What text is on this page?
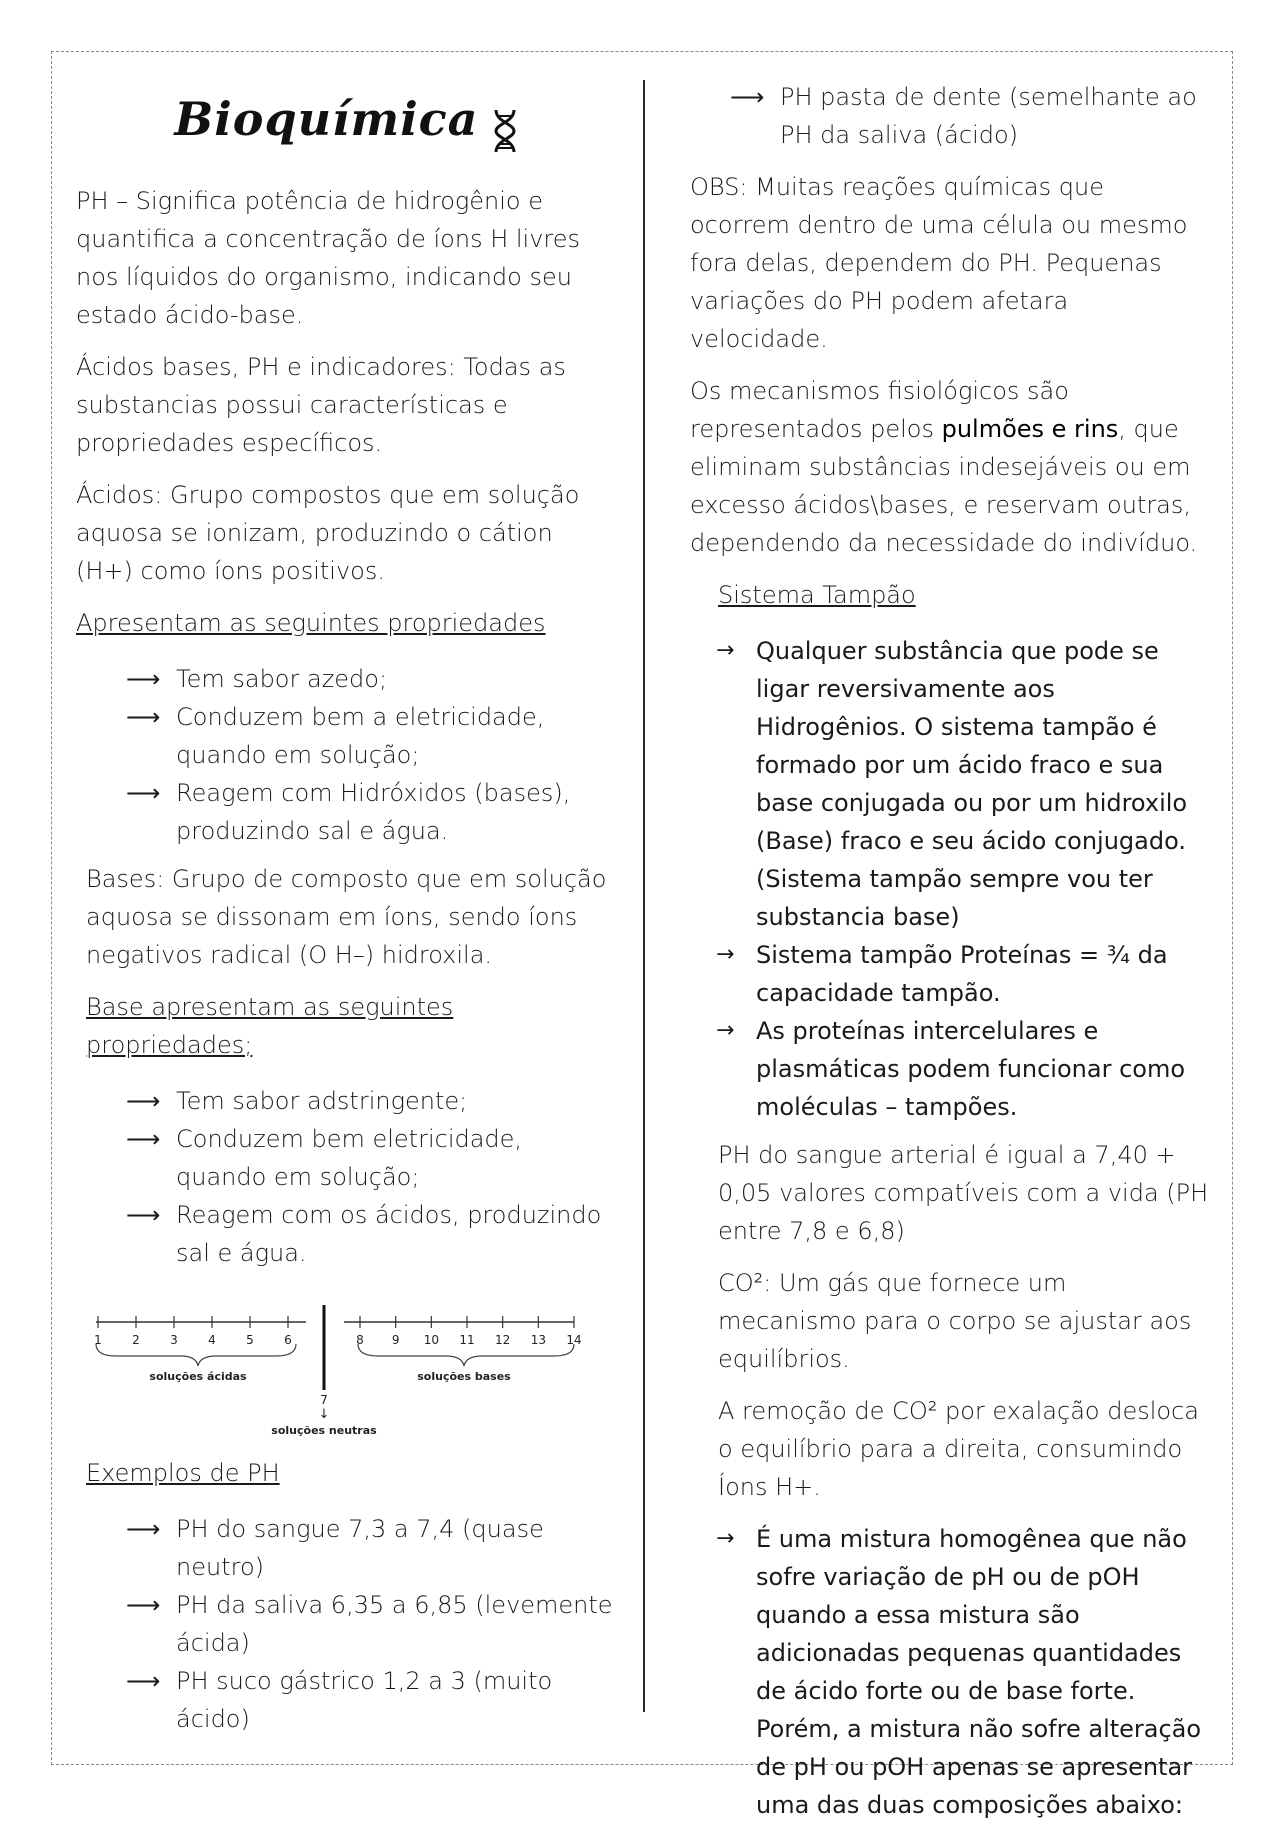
Bioquímica

PH – Significa potência de hidrogênio e quantifica a concentração de íons H livres nos líquidos do organismo, indicando seu estado ácido-base.

Ácidos bases, PH e indicadores: Todas as substancias possui características e propriedades específicos.

Ácidos: Grupo compostos que em solução aquosa se ionizam, produzindo o cátion (H+) como íons positivos.

Apresentam as seguintes propriedades
⟶ Tem sabor azedo;
⟶ Conduzem bem a eletricidade, quando em solução;
⟶ Reagem com Hidróxidos (bases), produzindo sal e água.

Bases: Grupo de composto que em solução aquosa se dissonam em íons, sendo íons negativos radical (O H–) hidroxila.

Base apresentam as seguintes propriedades;
⟶ Tem sabor adstringente;
⟶ Conduzem bem eletricidade, quando em solução;
⟶ Reagem com os ácidos, produzindo sal e água.
1	2	3	4	5	6	8 9 10 11 12 13 14
soluções ácidas	soluções bases
7
↓
soluções neutras
Exemplos de PH
⟶ PH do sangue 7,3 a 7,4 (quase neutro)
⟶ PH da saliva 6,35 a 6,85 (levemente ácida)
⟶ PH suco gástrico 1,2 a 3 (muito ácido)
⟶ PH pasta de dente (semelhante ao PH da saliva (ácido)

OBS: Muitas reações químicas que ocorrem dentro de uma célula ou mesmo fora delas, dependem do PH. Pequenas variações do PH podem afetara velocidade.

Os mecanismos fisiológicos são representados pelos pulmões e rins, que eliminam substâncias indesejáveis ou em excesso ácidos\bases, e reservam outras, dependendo da necessidade do indivíduo.

Sistema Tampão
→ Qualquer substância que pode se ligar reversivamente aos Hidrogênios. O sistema tampão é formado por um ácido fraco e sua base conjugada ou por um hidroxilo (Base) fraco e seu ácido conjugado. (Sistema tampão sempre vou ter substancia base)
→ Sistema tampão Proteínas = ¾ da capacidade tampão.
→ As proteínas intercelulares e plasmáticas podem funcionar como moléculas – tampões.

PH do sangue arterial é igual a 7,40 + 0,05 valores compatíveis com a vida (PH entre 7,8 e 6,8)

CO²: Um gás que fornece um mecanismo para o corpo se ajustar aos equilíbrios.

A remoção de CO² por exalação desloca o equilíbrio para a direita, consumindo Íons H+.

→ É uma mistura homogênea que não sofre variação de pH ou de pOH quando a essa mistura são adicionadas pequenas quantidades de ácido forte ou de base forte. Porém, a mistura não sofre alteração de pH ou pOH apenas se apresentar uma das duas composições abaixo:
